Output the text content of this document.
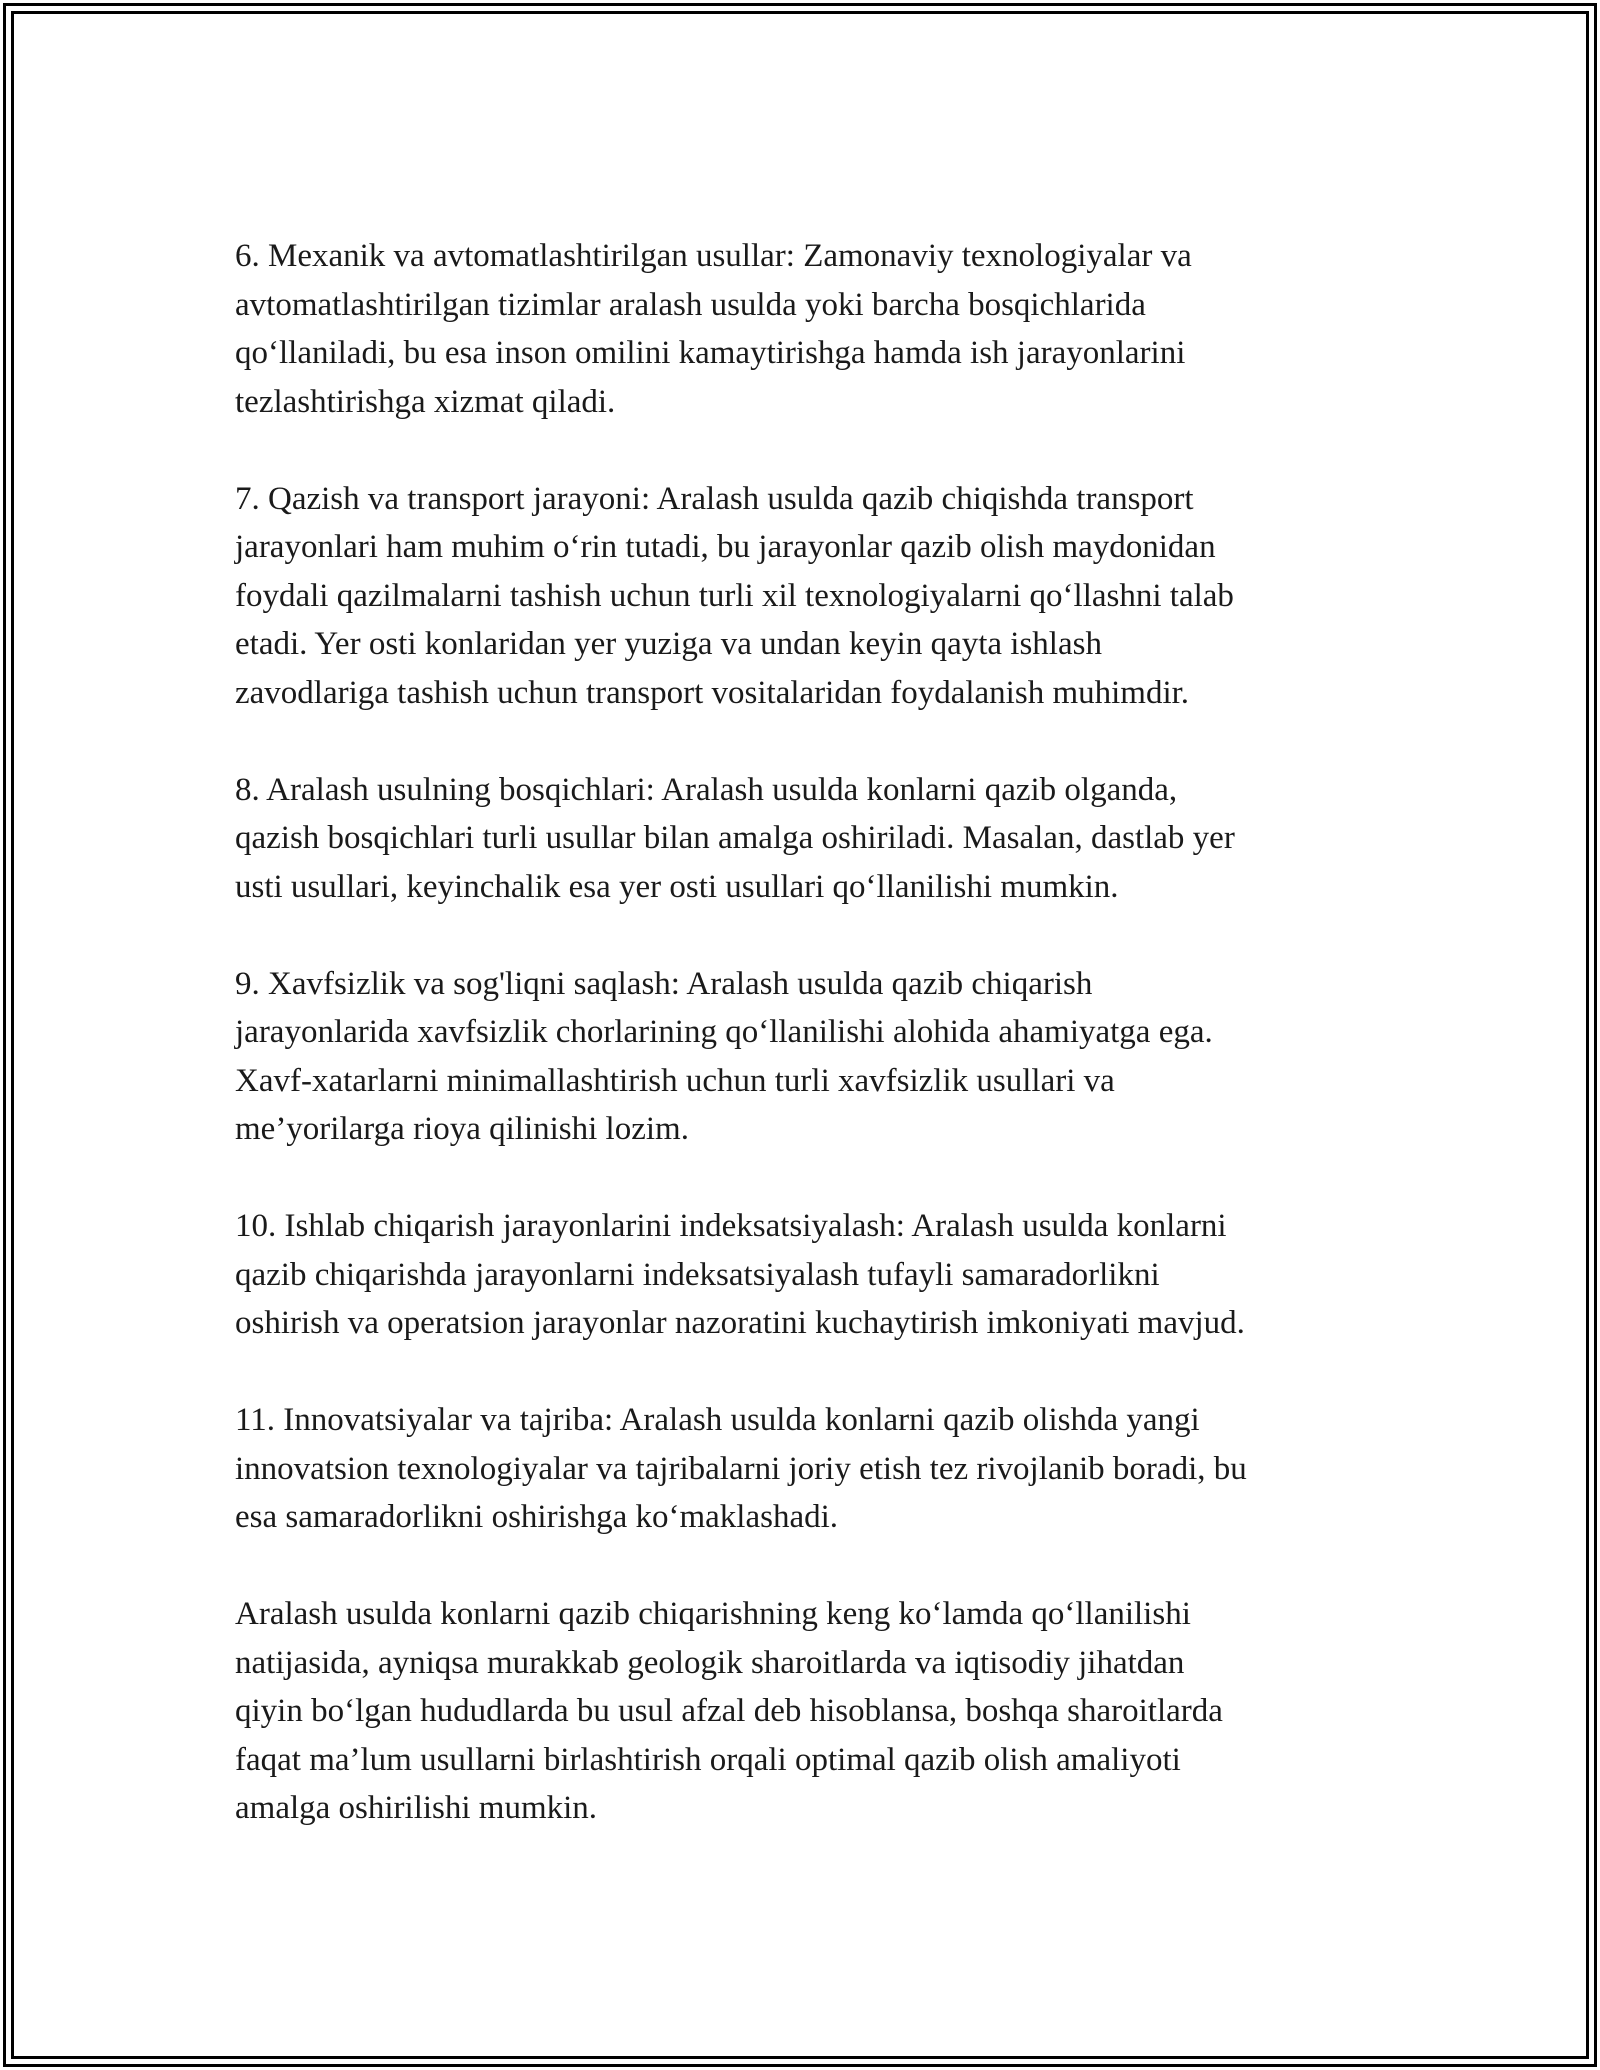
6. Mexanik va avtomatlashtirilgan usullar: Zamonaviy texnologiyalar va
avtomatlashtirilgan tizimlar aralash usulda yoki barcha bosqichlarida
qo‘llaniladi, bu esa inson omilini kamaytirishga hamda ish jarayonlarini
tezlashtirishga xizmat qiladi.

7. Qazish va transport jarayoni: Aralash usulda qazib chiqishda transport
jarayonlari ham muhim o‘rin tutadi, bu jarayonlar qazib olish maydonidan
foydali qazilmalarni tashish uchun turli xil texnologiyalarni qo‘llashni talab
etadi. Yer osti konlaridan yer yuziga va undan keyin qayta ishlash
zavodlariga tashish uchun transport vositalaridan foydalanish muhimdir.

8. Aralash usulning bosqichlari: Aralash usulda konlarni qazib olganda,
qazish bosqichlari turli usullar bilan amalga oshiriladi. Masalan, dastlab yer
usti usullari, keyinchalik esa yer osti usullari qo‘llanilishi mumkin.

9. Xavfsizlik va sog'liqni saqlash: Aralash usulda qazib chiqarish
jarayonlarida xavfsizlik chorlarining qo‘llanilishi alohida ahamiyatga ega.
Xavf-xatarlarni minimallashtirish uchun turli xavfsizlik usullari va
me’yorilarga rioya qilinishi lozim.

10. Ishlab chiqarish jarayonlarini indeksatsiyalash: Aralash usulda konlarni
qazib chiqarishda jarayonlarni indeksatsiyalash tufayli samaradorlikni
oshirish va operatsion jarayonlar nazoratini kuchaytirish imkoniyati mavjud.

11. Innovatsiyalar va tajriba: Aralash usulda konlarni qazib olishda yangi
innovatsion texnologiyalar va tajribalarni joriy etish tez rivojlanib boradi, bu
esa samaradorlikni oshirishga ko‘maklashadi.

Aralash usulda konlarni qazib chiqarishning keng ko‘lamda qo‘llanilishi
natijasida, ayniqsa murakkab geologik sharoitlarda va iqtisodiy jihatdan
qiyin bo‘lgan hududlarda bu usul afzal deb hisoblansa, boshqa sharoitlarda
faqat ma’lum usullarni birlashtirish orqali optimal qazib olish amaliyoti
amalga oshirilishi mumkin.
